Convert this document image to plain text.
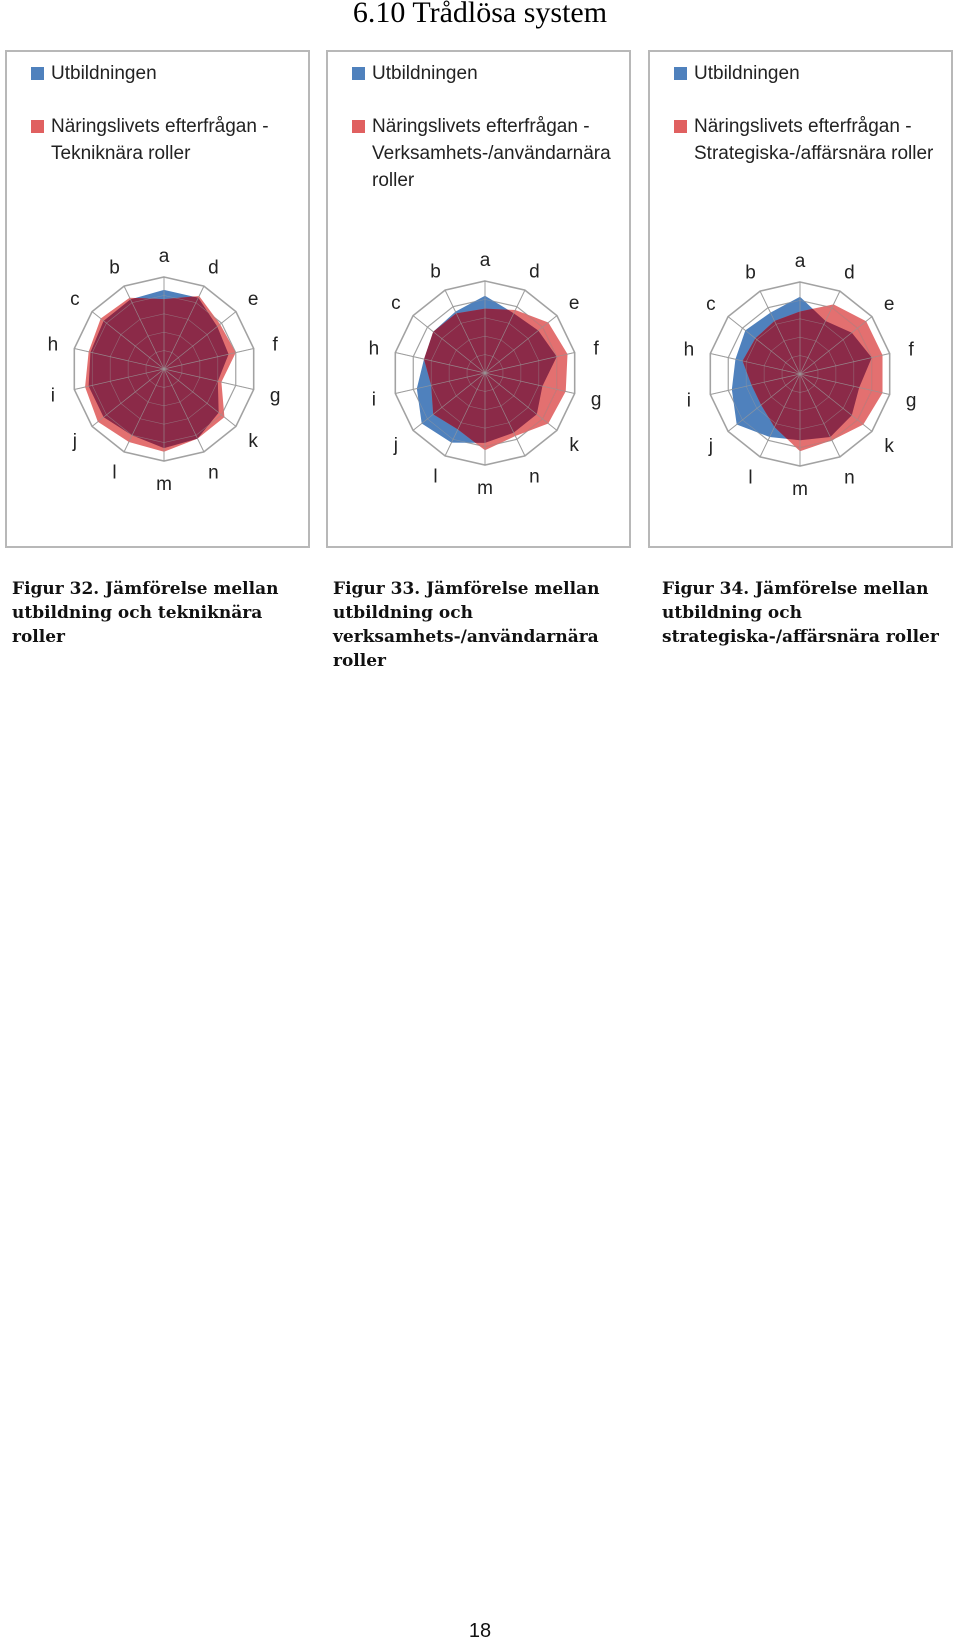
6.10 Trådlösa system
Utbildningen
Näringslivets efterfrågan - Tekniknära roller
a
d
e
f
g
k
n
m
l
j
i
h
c
b
Utbildningen
Näringslivets efterfrågan - Verksamhets-/användarnära roller
a
d
e
f
g
k
n
m
l
j
i
h
c
b
Utbildningen
Näringslivets efterfrågan - Strategiska-/affärsnära roller
a
d
e
f
g
k
n
m
l
j
i
h
c
b
Figur 32. Jämförelse mellan utbildning och tekniknära roller
Figur 33. Jämförelse mellan utbildning och verksamhets-/användarnära roller
Figur 34. Jämförelse mellan utbildning och strategiska-/affärsnära roller
18
